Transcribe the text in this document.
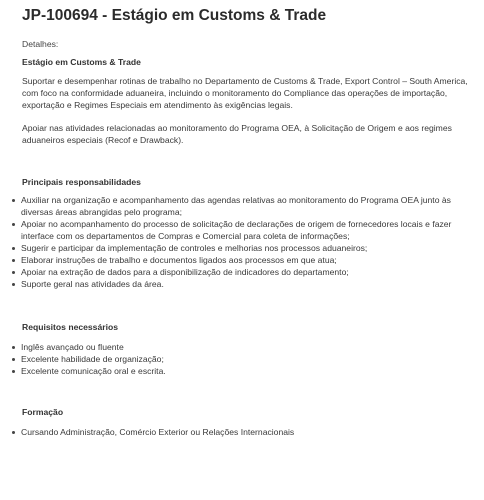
JP-100694 - Estágio em Customs & Trade

Detalhes:

Estágio em Customs & Trade

Suportar e desempenhar rotinas de trabalho no Departamento de Customs & Trade, Export Control – South America, com foco na conformidade aduaneira, incluindo o monitoramento do Compliance das operações de importação, exportação e Regimes Especiais em atendimento às exigências legais.

Apoiar nas atividades relacionadas ao monitoramento do Programa OEA, à Solicitação de Origem e aos regimes aduaneiros especiais (Recof e Drawback).

Principais responsabilidades

Auxiliar na organização e acompanhamento das agendas relativas ao monitoramento do Programa OEA junto às diversas áreas abrangidas pelo programa;
Apoiar no acompanhamento do processo de solicitação de declarações de origem de fornecedores locais e fazer interface com os departamentos de Compras e Comercial para coleta de informações;
Sugerir e participar da implementação de controles e melhorias nos processos aduaneiros;
Elaborar instruções de trabalho e documentos ligados aos processos em que atua;
Apoiar na extração de dados para a disponibilização de indicadores do departamento;
Suporte geral nas atividades da área.

Requisitos necessários

Inglês avançado ou fluente
Excelente habilidade de organização;
Excelente comunicação oral e escrita.

Formação

Cursando Administração, Comércio Exterior ou Relações Internacionais
